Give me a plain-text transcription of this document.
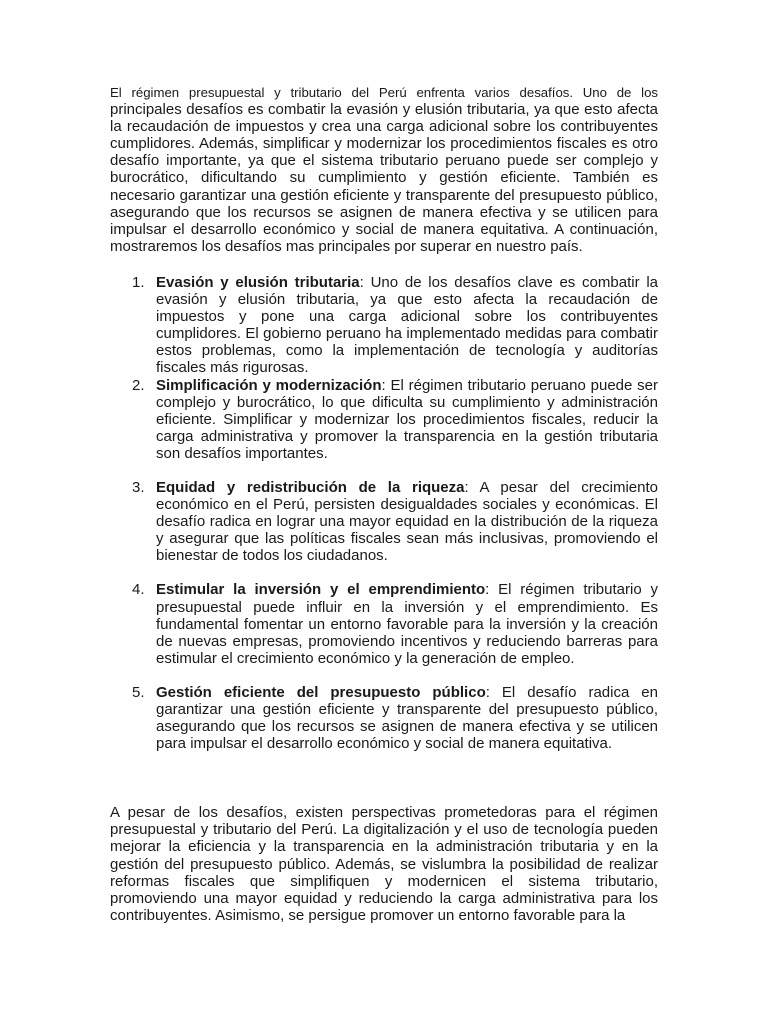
El régimen presupuestal y tributario del Perú enfrenta varios desafíos. Uno de los principales desafíos es combatir la evasión y elusión tributaria, ya que esto afecta la recaudación de impuestos y crea una carga adicional sobre los contribuyentes cumplidores. Además, simplificar y modernizar los procedimientos fiscales es otro desafío importante, ya que el sistema tributario peruano puede ser complejo y burocrático, dificultando su cumplimiento y gestión eficiente. También es necesario garantizar una gestión eficiente y transparente del presupuesto público, asegurando que los recursos se asignen de manera efectiva y se utilicen para impulsar el desarrollo económico y social de manera equitativa. A continuación, mostraremos los desafíos mas principales por superar en nuestro país.

1. Evasión y elusión tributaria: Uno de los desafíos clave es combatir la evasión y elusión tributaria, ya que esto afecta la recaudación de impuestos y pone una carga adicional sobre los contribuyentes cumplidores. El gobierno peruano ha implementado medidas para combatir estos problemas, como la implementación de tecnología y auditorías fiscales más rigurosas.
2. Simplificación y modernización: El régimen tributario peruano puede ser complejo y burocrático, lo que dificulta su cumplimiento y administración eficiente. Simplificar y modernizar los procedimientos fiscales, reducir la carga administrativa y promover la transparencia en la gestión tributaria son desafíos importantes.
3. Equidad y redistribución de la riqueza: A pesar del crecimiento económico en el Perú, persisten desigualdades sociales y económicas. El desafío radica en lograr una mayor equidad en la distribución de la riqueza y asegurar que las políticas fiscales sean más inclusivas, promoviendo el bienestar de todos los ciudadanos.
4. Estimular la inversión y el emprendimiento: El régimen tributario y presupuestal puede influir en la inversión y el emprendimiento. Es fundamental fomentar un entorno favorable para la inversión y la creación de nuevas empresas, promoviendo incentivos y reduciendo barreras para estimular el crecimiento económico y la generación de empleo.
5. Gestión eficiente del presupuesto público: El desafío radica en garantizar una gestión eficiente y transparente del presupuesto público, asegurando que los recursos se asignen de manera efectiva y se utilicen para impulsar el desarrollo económico y social de manera equitativa.

A pesar de los desafíos, existen perspectivas prometedoras para el régimen presupuestal y tributario del Perú. La digitalización y el uso de tecnología pueden mejorar la eficiencia y la transparencia en la administración tributaria y en la gestión del presupuesto público. Además, se vislumbra la posibilidad de realizar reformas fiscales que simplifiquen y modernicen el sistema tributario, promoviendo una mayor equidad y reduciendo la carga administrativa para los contribuyentes. Asimismo, se persigue promover un entorno favorable para la
